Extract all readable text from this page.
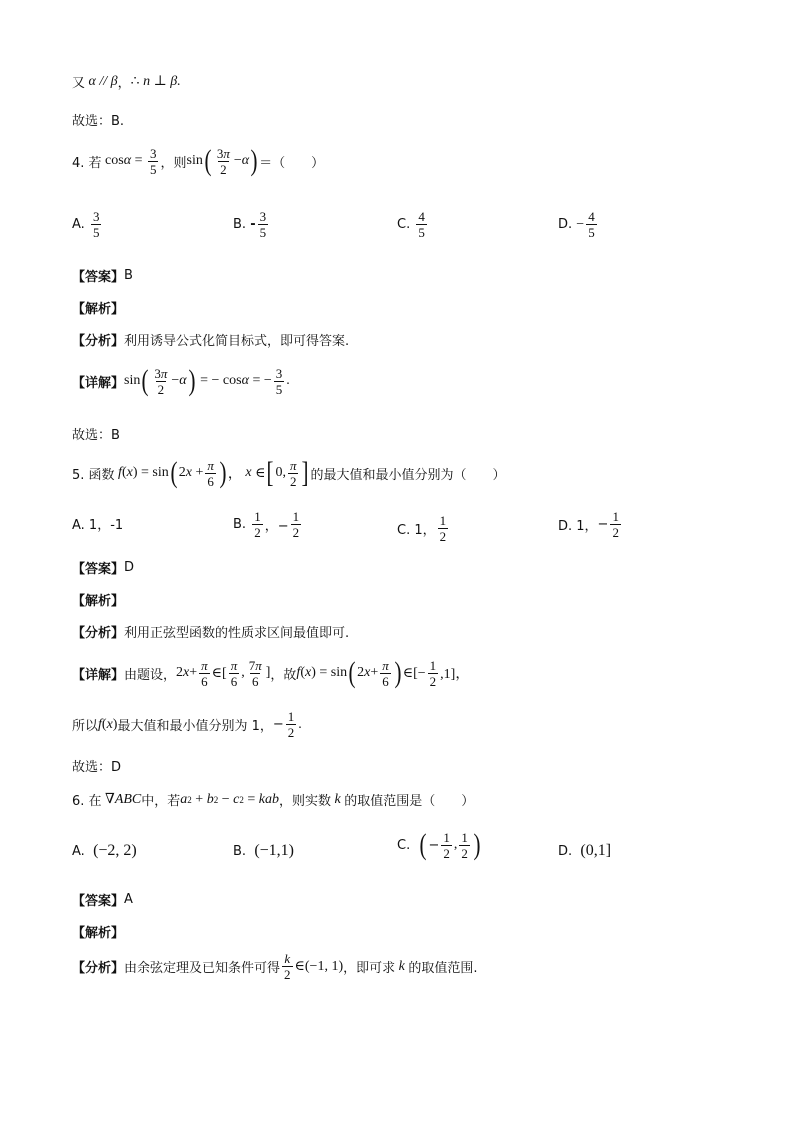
又 α // β ， ∴ n ⊥ β.
故选：B.
4. 若 $\cos \alpha = \frac{3}{5}$ ，则 sin ( $\frac{3\pi}{2} - \alpha$ ) ＝（　　）
A.
$\frac{3}{5}$	B.
- $\frac{3}{5}$	C.
$\frac{4}{5}$	D.
− $\frac{4}{5}$
【答案】 B
【解析】
【分析】 利用诱导公式化简目标式，即可得答案.
【详解】 sin ( $\frac{3\pi}{2} - \alpha$ ) = − cos α = − $\frac{3}{5}$ .
故选：B
5. 函数 f ( x ) = sin ( 2 $x + \frac{\pi}{6}$ ) ， x ∈ [ 0, $\frac{\pi}{2}$ ] 的最大值和最小值分别为（　　）
A. 1，-1	B.
$\frac{1}{2}$ ，− $\frac{1}{2}$	C. 1， $\frac{1}{2}$	D. 1， − $\frac{1}{2}$
【答案】 D
【解析】
【分析】 利用正弦型函数的性质求区间最值即可.
【详解】 由题设， 2 $x + \frac{\pi}{6}$ ∈[ $\frac{\pi}{6}$ , $\frac{7\pi}{6}$ ] ，故 f ( x ) = sin ( 2 $x + \frac{\pi}{6}$ ) ∈[− $\frac{1}{2} ,1$]，
所以 f ( x ) 最大值和最小值分别为 1， − $\frac{1}{2}$ .
故选：D
6. 在 ∇ ABC 中，若 a 2 + b 2 − c 2 = kab ，则实数 k 的取值范围是（　　）
A.
(−2, 2)	B.
(−1,1)	C.
( − $\frac{1}{2}$ , $\frac{1}{2}$ )	D.
(0,1]
【答案】 A
【解析】
【分析】 由余弦定理及已知条件可得 $\frac{k}{2}$ ∈(−1, 1) ，即可求 k 的取值范围.
